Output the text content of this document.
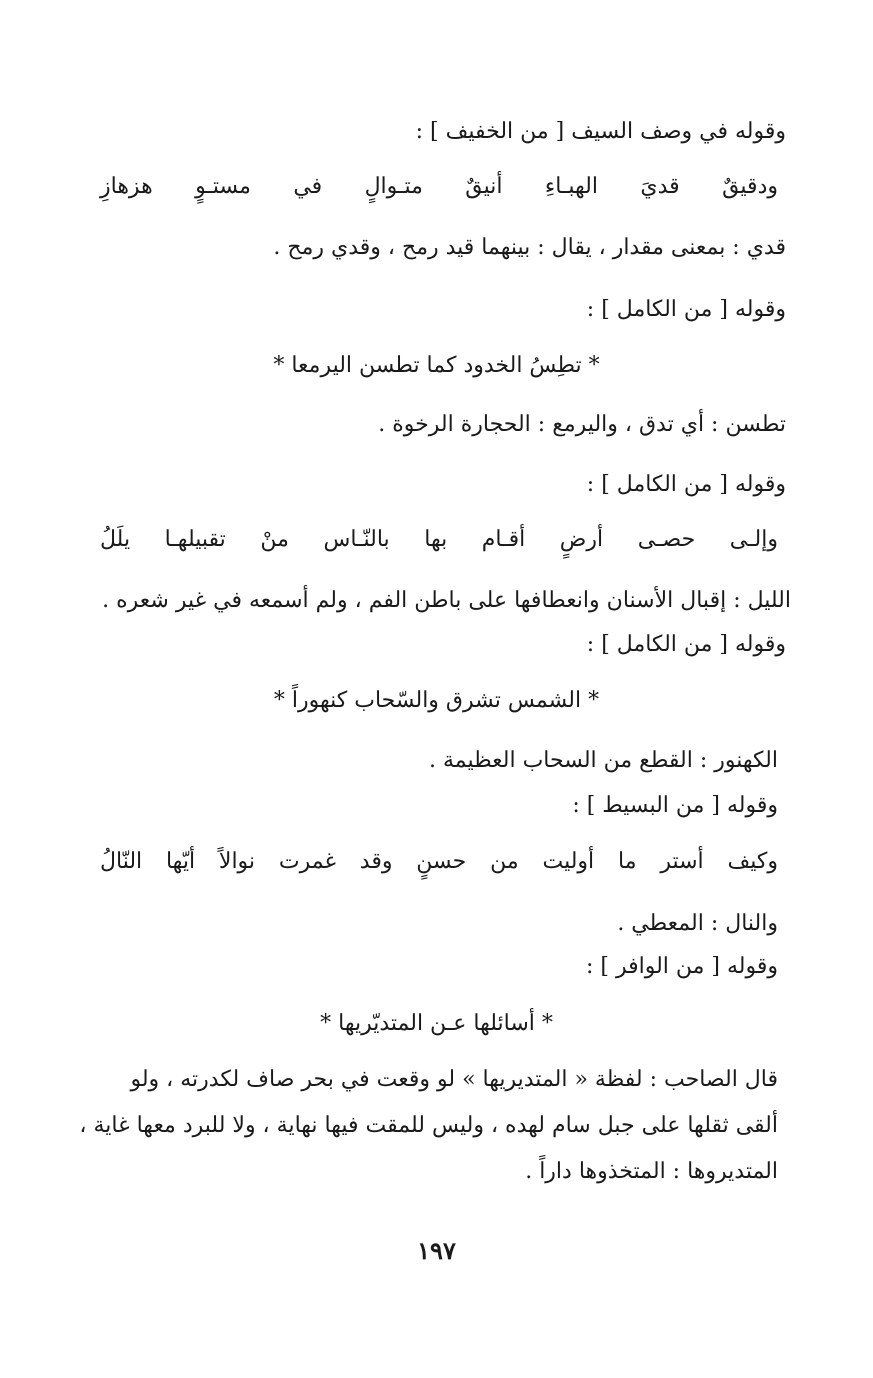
وقوله في وصف السيف [ من الخفيف ] :
ودقيقٌ قديَ الهبـاءِ أنيقٌ متـوالٍ في مستـوٍ هزهازِ
قدي : بمعنى مقدار ، يقال : بينهما قيد رمح ، وقدي رمح .
وقوله [ من الكامل ] :
* تطِسُ الخدود كما تطسن اليرمعا *
تطسن : أي تدق ، واليرمع : الحجارة الرخوة .
وقوله [ من الكامل ] :
وإلـى حصـى أرضٍ أقـام بها بالنّـاس منْ تقبيلهـا يلَلُ
الليل : إقبال الأسنان وانعطافها على باطن الفم ، ولم أسمعه في غير شعره .
وقوله [ من الكامل ] :
* الشمس تشرق والسّحاب كنهوراً *
الكهنور : القطع من السحاب العظيمة .
وقوله [ من البسيط ] :
وكيف أستر ما أوليت من حسنٍ وقد غمرت نوالاً أيّها النّالُ
والنال : المعطي .
وقوله [ من الوافر ] :
* أسائلها عـن المتديّريها *
قال الصاحب : لفظة « المتديريها » لو وقعت في بحر صاف لكدرته ، ولو
ألقى ثقلها على جبل سام لهده ، وليس للمقت فيها نهاية ، ولا للبرد معها غاية ،
المتديروها : المتخذوها داراً .
١٩٧
